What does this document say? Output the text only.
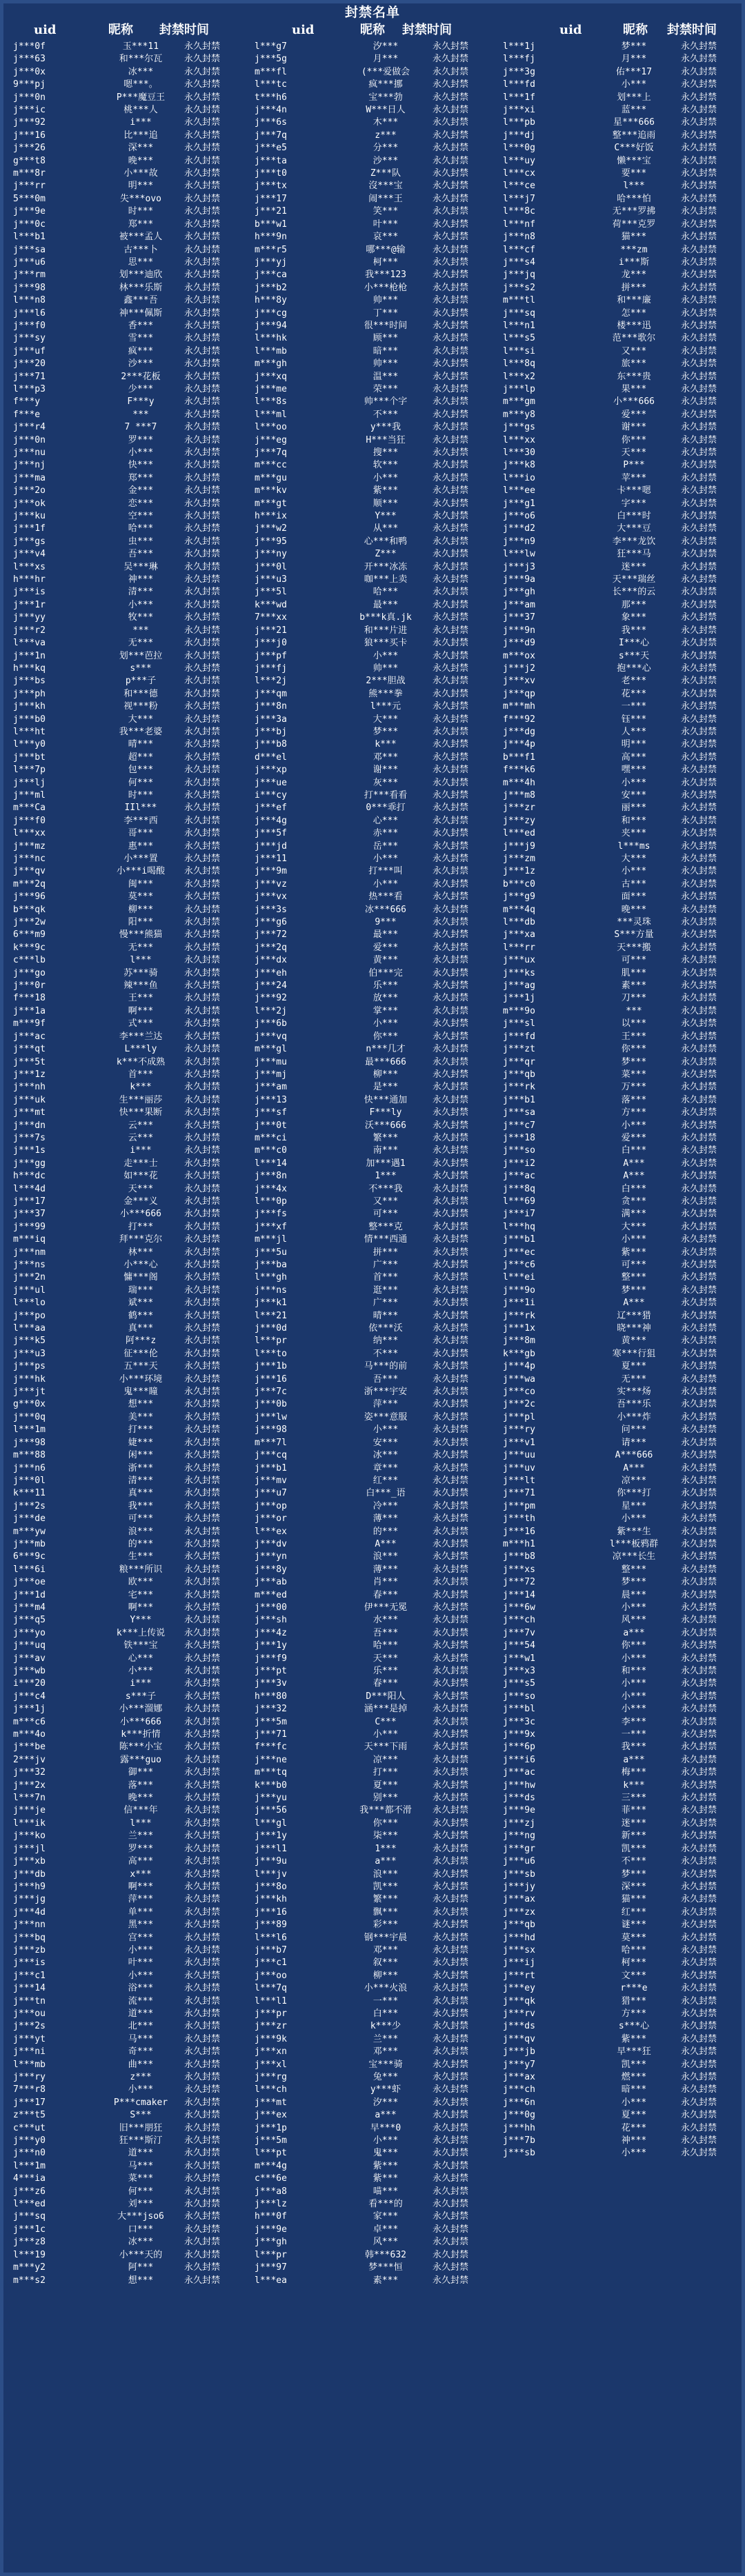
封禁名单
uid	昵称	封禁时间	uid	昵称	封禁时间	uid	昵称	封禁时间
j***0f	玉***11	永久封禁
j***63	和***尔瓦 永久封禁
j***0x	冰***	永久封禁
9***pj	嗯***。	永久封禁
j***0n	P***魔豆王 永久封禁
j***ic	桃***人	永久封禁
j***92	i***	永久封禁
j***16	比***追	永久封禁
j***26	深***	永久封禁
g***t8	晚***	永久封禁
m***8r	小***故	永久封禁
j***rr	明***	永久封禁
5***0m	失***ovo	永久封禁
j***9e	时***	永久封禁
j***0c	郑***	永久封禁
l***b1	被***孟人 永久封禁
j***sa	古***卜	永久封禁
j***u6	思***	永久封禁
j***rm	划***迪欣 永久封禁
j***98	林***乐斯 永久封禁
l***n8	鑫***吾	永久封禁
j***l6	神***佩斯 永久封禁
j***f0	香***	永久封禁
j***sy	雪***	永久封禁
j***uf	疯***	永久封禁
j***20	沙***	永久封禁
j***71	2***花板	永久封禁
l***p3	少***	永久封禁
f***y	F***y	永久封禁
f***e	***	永久封禁
j***r4	7 ***7	永久封禁
j***0n	罗***	永久封禁
j***nu	小***	永久封禁
j***nj	快***	永久封禁
j***ma	郑***	永久封禁
j***2o	金***	永久封禁
j***ok	恋***	永久封禁
j***ku	空***	永久封禁
j***1f	哈***	永久封禁
j***gs	虫***	永久封禁
j***v4	吾***	永久封禁
l***xs	吴***琳	永久封禁
h***hr	神***	永久封禁
j***is	清***	永久封禁
j***1r	小***	永久封禁
j***yy	牧***	永久封禁
j***r2	***	永久封禁
l***va	无***	永久封禁
j***1n	划***芭拉 永久封禁
h***kq	s***	永久封禁
j***bs	p***子	永久封禁
j***ph	和***德	永久封禁
j***kh	视***粉	永久封禁
j***b0	大***	永久封禁
l***ht	我***老婆 永久封禁
l***y0	晴***	永久封禁
j***bt	超***	永久封禁
l***7p	包***	永久封禁
j***lj	何***	永久封禁
j***ml	时***	永久封禁
m***Ca	IIl***	永久封禁
j***f0	李***西	永久封禁
l***xx	哥***	永久封禁
j***mz	惠***	永久封禁
j***nc	小***置	永久封禁
j***qv	小***i喝酸 永久封禁
m***2q	闽***	永久封禁
j***96	莫***	永久封禁
b***qk	柳***	永久封禁
j***2w	阳***	永久封禁
6***m9	慢***熊猫 永久封禁
k***9c	无***	永久封禁
c***lb	l***	永久封禁
j***go	苏***骑	永久封禁
j***0r	辣***鱼	永久封禁
f***18	王***	永久封禁
j***1a	啊***	永久封禁
m***9f	式***	永久封禁
j***ac	李***兰达 永久封禁
j***qt	L***ly	永久封禁
j***5t	k***不成熟 永久封禁
j***1z	首***	永久封禁
j***nh	k***	永久封禁
j***uk	生***丽莎 永久封禁
j***mt	快***果断 永久封禁
j***dn	云***	永久封禁
j***7s	云***	永久封禁
j***1s	i***	永久封禁
j***gg	走***士	永久封禁
h***dc	如***花	永久封禁
l***4d	天***	永久封禁
j***17	金***义	永久封禁
j***37	小***666	永久封禁
j***99	打***	永久封禁
m***iq	拜***克尔 永久封禁
j***nm	林***	永久封禁
j***ns	小***心	永久封禁
j***2n	慵***阁	永久封禁
j***ul	瑞***	永久封禁
l***lo	斌***	永久封禁
j***po	鹤***	永久封禁
l***aa	真***	永久封禁
j***k5	阿***z	永久封禁
j***u3	征***伦	永久封禁
j***ps	五***天	永久封禁
j***hk	小***环境 永久封禁
j***jt	鬼***瞳	永久封禁
g***0x	想***	永久封禁
j***0q	美***	永久封禁
l***1m	打***	永久封禁
j***98	婕***	永久封禁
m***88	闲***	永久封禁
j***n6	浙***	永久封禁
j***0l	清***	永久封禁
k***11	真***	永久封禁
j***2s	我***	永久封禁
j***de	可***	永久封禁
m***yw	浪***	永久封禁
j***mb	的***	永久封禁
6***9c	生***	永久封禁
l***6i	粮***所识 永久封禁
j***oe	欧***	永久封禁
j***1d	宅***	永久封禁
j***m4	啊***	永久封禁
j***q5	Y***	永久封禁
j***yo	k***上传说 永久封禁
j***uq	铁***宝	永久封禁
j***av	心***	永久封禁
j***wb	小***	永久封禁
i***20	i***	永久封禁
j***c4	s***子	永久封禁
j***1j	小***溜娜 永久封禁
m***c6	小***666	永久封禁
m***4o	k***折情	永久封禁
j***be	陈***小宝 永久封禁
2***jv	露***guo	永久封禁
j***32	御***	永久封禁
j***2x	落***	永久封禁
l***7n	晚***	永久封禁
j***je	信***年	永久封禁
l***ik	l***	永久封禁
j***ko	兰***	永久封禁
j***jl	罗***	永久封禁
j***xb	高***	永久封禁
j***db	x***	永久封禁
j***h9	啊***	永久封禁
j***jg	萍***	永久封禁
j***4d	单***	永久封禁
j***nn	黑***	永久封禁
j***bq	宫***	永久封禁
j***zb	小***	永久封禁
j***is	叶***	永久封禁
j***c1	小***	永久封禁
j***14	浴***	永久封禁
j***tn	流***	永久封禁
j***ou	道***	永久封禁
j***2s	北***	永久封禁
j***yt	马***	永久封禁
j***ni	奇***	永久封禁
l***mb	曲***	永久封禁
j***ry	z***	永久封禁
7***r8	小***	永久封禁
j***17	P***cmaker 永久封禁
z***t5	S***	永久封禁
c***ut	旧***朋狂 永久封禁
j***y0	狂***斯汀 永久封禁
j***n0	道***	永久封禁
l***1m	马***	永久封禁
4***ia	菜***	永久封禁
j***z6	何***	永久封禁
l***ed	刘***	永久封禁
j***sq	大***jso6 永久封禁
j***1c	口***	永久封禁
j***z8	冰***	永久封禁
l***19	小***天的 永久封禁
m***y2	阿***	永久封禁
m***s2	想***	永久封禁
l***g7	汐***	永久封禁
j***5g	月***	永久封禁
m***fl	(***爱做会	永久封禁
l***tc	疯***挪	永久封禁
t***h6	宝***勃	永久封禁
j***4n	W***日人	永久封禁
j***6s	木***	永久封禁
j***7q	z***	永久封禁
j***e5	分***	永久封禁
j***ta	沙***	永久封禁
j***t0	Z***队	永久封禁
j***tx	沒***宝	永久封禁
j***17	闹***王	永久封禁
j***21	笑***	永久封禁
b***w1	叶***	永久封禁
h***9n	哀***	永久封禁
m***r5	哪***@输	永久封禁
j***yj	柯***	永久封禁
j***ca	我***123	永久封禁
j***b2	小***枪枪	永久封禁
h***8y	帅***	永久封禁
j***cg	丁***	永久封禁
j***94	很***时间	永久封禁
l***hk	顾***	永久封禁
l***mb	暗***	永久封禁
m***gh	帅***	永久封禁
j***xq	温***	永久封禁
j***me	荣***	永久封禁
l***8s	帅***个字	永久封禁
l***ml	不***	永久封禁
l***oo	y***我	永久封禁
j***eg	H***当狂	永久封禁
j***7q	搜***	永久封禁
m***cc	软***	永久封禁
m***gu	小***	永久封禁
m***kv	紫***	永久封禁
m***gt	顺***	永久封禁
h***ix	Y***	永久封禁
j***w2	从***	永久封禁
j***95	心***和鸭	永久封禁
j***ny	Z***	永久封禁
j***0l	开***冰冻	永久封禁
j***u3	咖***上卖	永久封禁
j***5l	哈***	永久封禁
k***wd	最***	永久封禁
7***xx	b***k真.jk 永久封禁
j***21	和***片进	永久封禁
j***j0	狼***买卡	永久封禁
j***pf	小***	永久封禁
j***fj	帅***	永久封禁
l***2j	2***胆战	永久封禁
j***qm	熊***拳	永久封禁
j***8n	l***元	永久封禁
j***3a	大***	永久封禁
j***bj	梦***	永久封禁
j***b8	k***	永久封禁
d***el	邓***	永久封禁
j***xp	谢***	永久封禁
j***ue	灰***	永久封禁
i***cy	打***看看	永久封禁
j***ef	0***乖打	永久封禁
j***4g	心***	永久封禁
j***5f	赤***	永久封禁
j***jd	岳***	永久封禁
j***11	小***	永久封禁
j***9m	打***叫	永久封禁
j***vz	小***	永久封禁
j***vx	热***看	永久封禁
j***3s	冰***666	永久封禁
j***g6	9***	永久封禁
j***72	最***	永久封禁
j***2q	爱***	永久封禁
j***dx	黄***	永久封禁
j***eh	伯***完	永久封禁
j***24	乐***	永久封禁
j***92	放***	永久封禁
l***2j	掌***	永久封禁
j***6b	小***	永久封禁
j***vq	你***	永久封禁
m***gl	n***几才	永久封禁
j***mu	最***666	永久封禁
j***mj	柳***	永久封禁
j***am	是***	永久封禁
j***13	快***通加	永久封禁
j***sf	F***ly	永久封禁
j***0t	沃***666	永久封禁
m***ci	繁***	永久封禁
m***c0	南***	永久封禁
l***14	加***遇1	永久封禁
j***8n	1***	永久封禁
j***4x	不***我	永久封禁
l***0p	又***	永久封禁
j***fs	可***	永久封禁
j***xf	整***克	永久封禁
m***jl	情***西通	永久封禁
j***5u	拼***	永久封禁
j***ba	广***	永久封禁
l***gh	首***	永久封禁
j***ns	逛***	永久封禁
j***k1	广***	永久封禁
l***21	晴***	永久封禁
j***0d	依***沃	永久封禁
l***pr	纳***	永久封禁
l***to	不***	永久封禁
j***1b	马***的前	永久封禁
j***16	吾***	永久封禁
j***7c	浙***宇安	永久封禁
j***0b	萍***	永久封禁
j***lw	姿***意服	永久封禁
j***98	小***	永久封禁
m***7l	安***	永久封禁
j***cq	冰***	永久封禁
j***b1	章***	永久封禁
j***mv	红***	永久封禁
j***u7	白***_语	永久封禁
j***op	冷***	永久封禁
j***or	薄***	永久封禁
l***ex	的***	永久封禁
j***dv	A***	永久封禁
j***yn	浪***	永久封禁
j***8y	薄***	永久封禁
j***ab	肖***	永久封禁
m***ed	春***	永久封禁
j***00	伊***无冕	永久封禁
j***sh	水***	永久封禁
j***4z	吾***	永久封禁
j***1y	哈***	永久封禁
j***f9	天***	永久封禁
j***pt	乐***	永久封禁
j***3v	春***	永久封禁
h***80	D***阳人	永久封禁
j***32	涵***是掉	永久封禁
j***5m	C***	永久封禁
j***71	小***	永久封禁
f***fc	天***下雨	永久封禁
j***ne	凉***	永久封禁
m***tq	打***	永久封禁
k***b0	夏***	永久封禁
j***yu	别***	永久封禁
j***56	我***都不滑 永久封禁
l***gl	你***	永久封禁
j***1y	柒***	永久封禁
j***l1	1***	永久封禁
j***9u	a***	永久封禁
l***jv	浪***	永久封禁
j***8o	凯***	永久封禁
j***kh	繁***	永久封禁
j***16	飘***	永久封禁
j***89	彩***	永久封禁
l***l6	钢***宇晨	永久封禁
j***b7	邓***	永久封禁
j***c1	叙***	永久封禁
j***oo	柳***	永久封禁
l***7q	小***火浪	永久封禁
l***l1	一***	永久封禁
j***pr	白***	永久封禁
j***zr	k***少	永久封禁
j***9k	兰***	永久封禁
j***xn	邓***	永久封禁
j***xl	宝***骑	永久封禁
j***rg	兔***	永久封禁
l***ch	y***虾	永久封禁
j***mt	汐***	永久封禁
j***ex	a***	永久封禁
j***1p	早***0	永久封禁
j***5m	小***	永久封禁
l***pt	鬼***	永久封禁
m***4g	紫***	永久封禁
c***6e	紫***	永久封禁
j***a8	喵***	永久封禁
j***lz	看***的	永久封禁
h***0f	家***	永久封禁
j***9e	卓***	永久封禁
j***gh	风***	永久封禁
l***pr	韩***632	永久封禁
j***97	梦***恒	永久封禁
l***ea	素***	永久封禁
l***1j	梦***	永久封禁
l***fj	月***	永久封禁
j***3g	佑***17	永久封禁
l***fd	小***	永久封禁
l***1f	划***上	永久封禁
j***xi	蓝***	永久封禁
l***pb	星***666	永久封禁
j***dj	整***追雨	永久封禁
l***0g	C***好饭	永久封禁
l***uy	懒***宝	永久封禁
l***cx	要***	永久封禁
l***ce	l***	永久封禁
l***j7	哈***怕	永久封禁
l***8c	无***罗拂	永久封禁
l***nf	荷***克罗	永久封禁
j***n8	猫***	永久封禁
l***cf	***zm	永久封禁
j***s4	i***斯	永久封禁
j***jq	龙***	永久封禁
j***s2	拼***	永久封禁
m***tl	和***廉	永久封禁
j***sq	怎***	永久封禁
l***n1	楼***迅	永久封禁
l***s5	范***歌尔	永久封禁
l***si	又***	永久封禁
l***8q	旅***	永久封禁
l***x2	东***贵	永久封禁
j***lp	果***	永久封禁
m***gm	小***666	永久封禁
m***y8	爱***	永久封禁
j***gs	谢***	永久封禁
l***xx	你***	永久封禁
l***30	天***	永久封禁
j***k8	P***	永久封禁
l***io	苹***	永久封禁
l***ee	卡***嗯	永久封禁
j***g1	字***	永久封禁
j***o6	白***时	永久封禁
j***d2	大***豆	永久封禁
j***n9	李***龙饮	永久封禁
l***lw	狂***马	永久封禁
j***j3	迷***	永久封禁
j***9a	天***瑞丝	永久封禁
j***gh	长***的云	永久封禁
j***am	那***	永久封禁
j***37	象***	永久封禁
j***9n	我***	永久封禁
j***d9	I***心	永久封禁
m***ox	s***天	永久封禁
j***j2	抱***心	永久封禁
j***xv	老***	永久封禁
j***qp	花***	永久封禁
m***mh	一***	永久封禁
f***92	钰***	永久封禁
j***dg	人***	永久封禁
j***4p	明***	永久封禁
b***f1	高***	永久封禁
f***k6	嘿***	永久封禁
m***4h	小***	永久封禁
j***m8	安***	永久封禁
j***zr	丽***	永久封禁
j***zy	和***	永久封禁
l***ed	夹***	永久封禁
j***j9	l***ms	永久封禁
j***zm	大***	永久封禁
j***1z	小***	永久封禁
b***c0	古***	永久封禁
j***g9	面***	永久封禁
m***4q	晚***	永久封禁
l***db	***灵珠	永久封禁
j***xa	S***方量	永久封禁
l***rr	天***搬	永久封禁
j***ux	可***	永久封禁
j***ks	肌***	永久封禁
j***ag	素***	永久封禁
j***1j	刀***	永久封禁
m***9o	***	永久封禁
j***sl	以***	永久封禁
j***fd	王***	永久封禁
j***zt	你***	永久封禁
j***qr	梦***	永久封禁
j***qb	菜***	永久封禁
j***rk	万***	永久封禁
j***b1	落***	永久封禁
j***sa	方***	永久封禁
j***c7	小***	永久封禁
j***18	爱***	永久封禁
j***so	白***	永久封禁
j***i2	A***	永久封禁
j***ac	A***	永久封禁
j***8q	白***	永久封禁
l***69	贪***	永久封禁
j***i7	满***	永久封禁
l***hq	大***	永久封禁
j***b1	小***	永久封禁
j***ec	紫***	永久封禁
j***c6	可***	永久封禁
l***ei	整***	永久封禁
j***9o	梦***	永久封禁
j***1i	A***	永久封禁
j***rk	辽***猎	永久封禁
j***1x	晓***神	永久封禁
j***8m	黄***	永久封禁
k***gb	寒***行狙	永久封禁
j***4p	夏***	永久封禁
j***wa	无***	永久封禁
j***co	实***炀	永久封禁
j***2c	吾***乐	永久封禁
j***pl	小***炸	永久封禁
j***ry	问***	永久封禁
j***v1	请***	永久封禁
j***uu	A***666	永久封禁
j***uv	A***	永久封禁
j***lt	凉***	永久封禁
j***71	你***打	永久封禁
j***pm	星***	永久封禁
j***th	小***	永久封禁
j***16	紫***生	永久封禁
m***h1	l***板鸦群	永久封禁
j***b8	凉***长生	永久封禁
j***xs	整***	永久封禁
j***72	梦***	永久封禁
j***14	晨***	永久封禁
j***6w	小***	永久封禁
j***ch	风***	永久封禁
j***7v	a***	永久封禁
j***54	你***	永久封禁
j***w1	小***	永久封禁
j***x3	和***	永久封禁
j***s5	小***	永久封禁
j***so	小***	永久封禁
j***bl	小***	永久封禁
j***3c	李***	永久封禁
j***9x	一***	永久封禁
j***6p	我***	永久封禁
j***i6	a***	永久封禁
j***ac	梅***	永久封禁
j***hw	k***	永久封禁
j***ds	三***	永久封禁
j***9e	菲***	永久封禁
j***zj	迷***	永久封禁
j***ng	新***	永久封禁
j***gr	凯***	永久封禁
j***u6	不***	永久封禁
j***sb	梦***	永久封禁
j***jy	深***	永久封禁
j***ax	猫***	永久封禁
j***zx	红***	永久封禁
j***qb	谜***	永久封禁
j***hd	莫***	永久封禁
j***sx	哈***	永久封禁
j***ij	柯***	永久封禁
j***rt	文***	永久封禁
j***ey	r***e	永久封禁
j***qk	猎***	永久封禁
j***rv	方***	永久封禁
j***ds	s***心	永久封禁
j***qv	紫***	永久封禁
j***jb	早***狂	永久封禁
j***y7	凯***	永久封禁
j***ax	燃***	永久封禁
j***ch	暗***	永久封禁
j***6n	小***	永久封禁
j***0g	夏***	永久封禁
j***hh	花***	永久封禁
j***7b	神***	永久封禁
j***sb	小***	永久封禁
